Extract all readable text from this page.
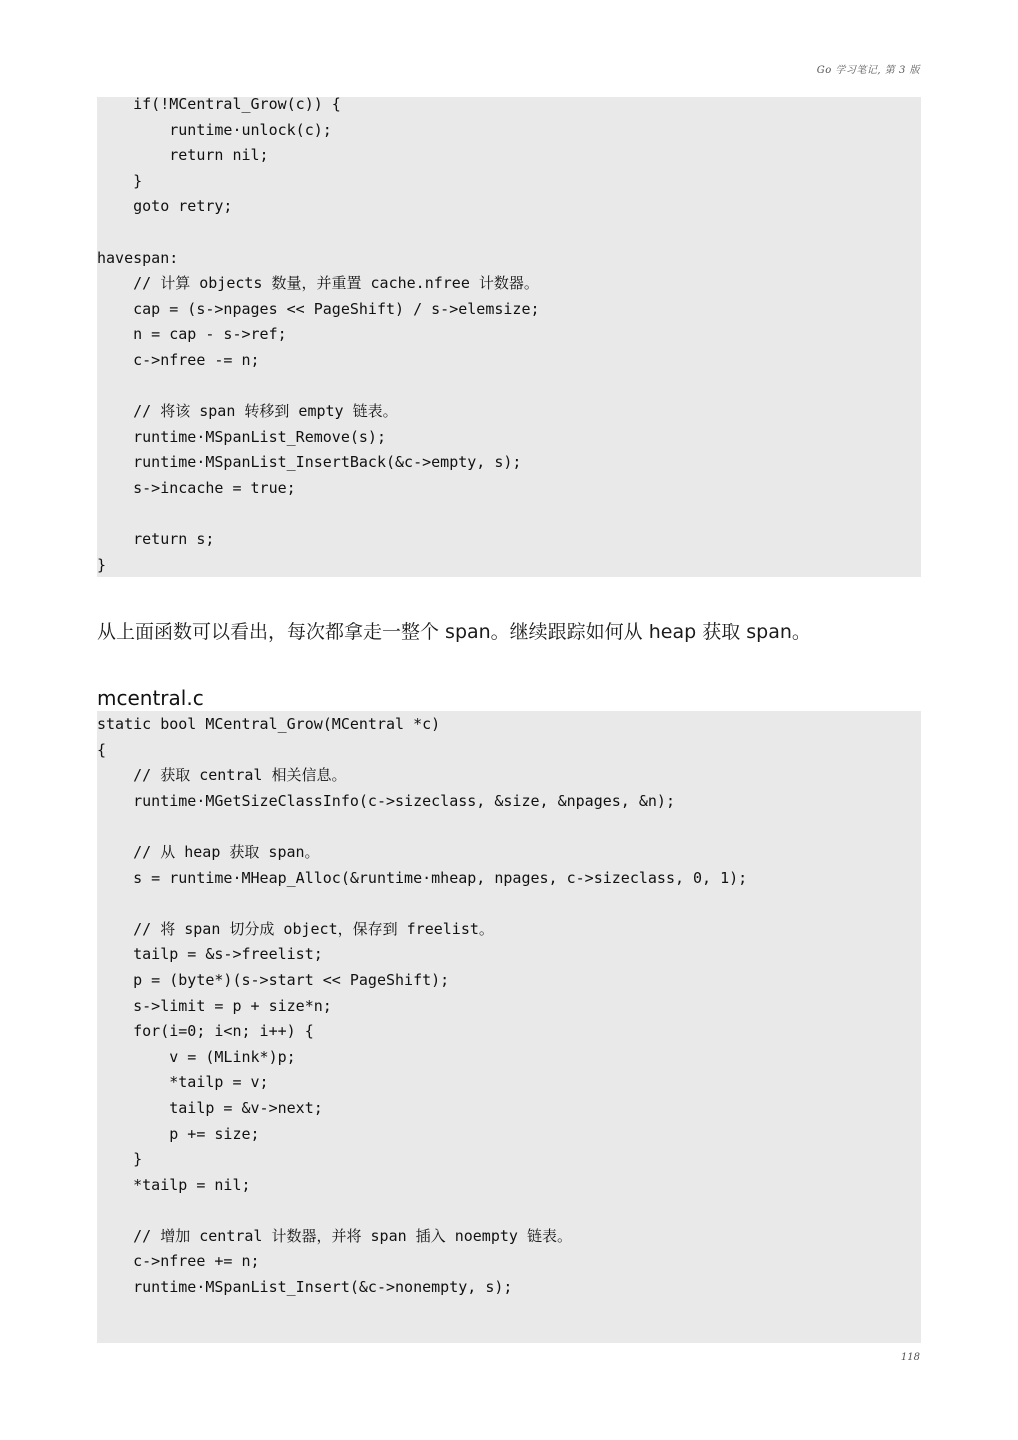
Go 学习笔记, 第 3 版
if(!MCentral_Grow(c)) {
runtime·unlock(c);
return nil;
}
goto retry;
havespan:
// 计算 objects 数量，并重置 cache.nfree 计数器。
cap = (s->npages << PageShift) / s->elemsize;
n = cap - s->ref;
c->nfree -= n;
// 将该 span 转移到 empty 链表。
runtime·MSpanList_Remove(s);
runtime·MSpanList_InsertBack(&c->empty, s);
s->incache = true;
return s;
}
从上面函数可以看出，每次都拿走一整个 span。继续跟踪如何从 heap 获取 span。
mcentral.c
static bool MCentral_Grow(MCentral *c)
{
// 获取 central 相关信息。
runtime·MGetSizeClassInfo(c->sizeclass, &size, &npages, &n);
// 从 heap 获取 span。
s = runtime·MHeap_Alloc(&runtime·mheap, npages, c->sizeclass, 0, 1);
// 将 span 切分成 object，保存到 freelist。
tailp = &s->freelist;
p = (byte*)(s->start << PageShift);
s->limit = p + size*n;
for(i=0; i<n; i++) {
v = (MLink*)p;
*tailp = v;
tailp = &v->next;
p += size;
}
*tailp = nil;
// 增加 central 计数器，并将 span 插入 noempty 链表。
c->nfree += n;
runtime·MSpanList_Insert(&c->nonempty, s);
118
